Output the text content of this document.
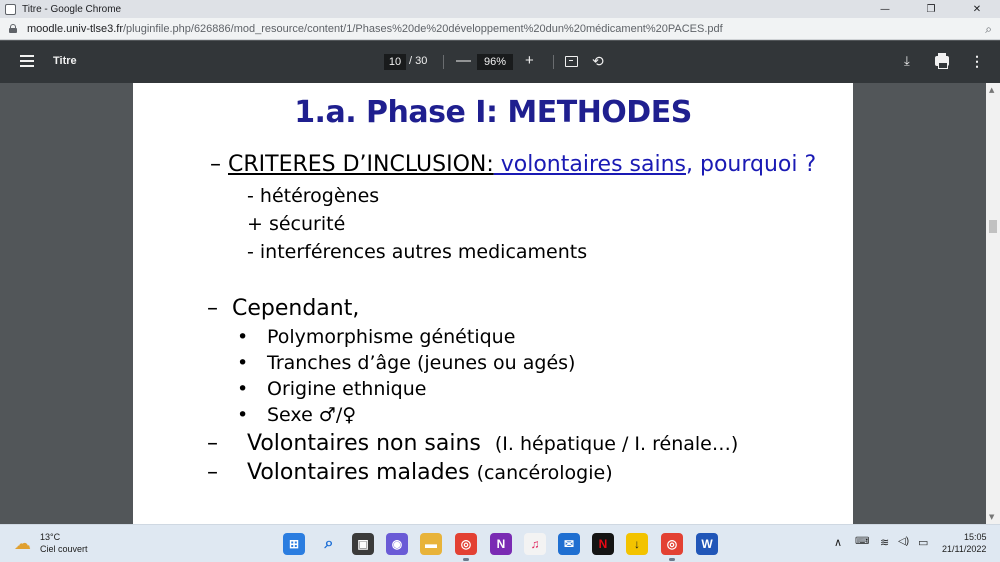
Titre - Google Chrome	—	❐	✕
moodle.univ-tlse3.fr/pluginfile.php/626886/mod_resource/content/1/Phases%20de%20développement%20dun%20médicament%20PACES.pdf	⌕
Titre	10 / 30 —	96%	+	⟲	⤓	⋮
1.a. Phase I: METHODES
– CRITERES D’INCLUSION: volontaires sains, pourquoi ?
- hétérogènes
+ sécurité
- interférences autres medicaments
– Cependant,
• Polymorphisme génétique
• Tranches d’âge (jeunes ou agés)
• Origine ethnique
• Sexe ♂/♀
– Volontaires non sains (I. hépatique / I. rénale…)
– Volontaires malades (cancérologie)
▲
▼
☁ 13°C
Ciel couvert	⊞	⌕	▣	◉	▬	◎	N	♫	✉	N	↓	◎	W	∧ ⌨ ≋ ◁) ▭	15:05
21/11/2022
